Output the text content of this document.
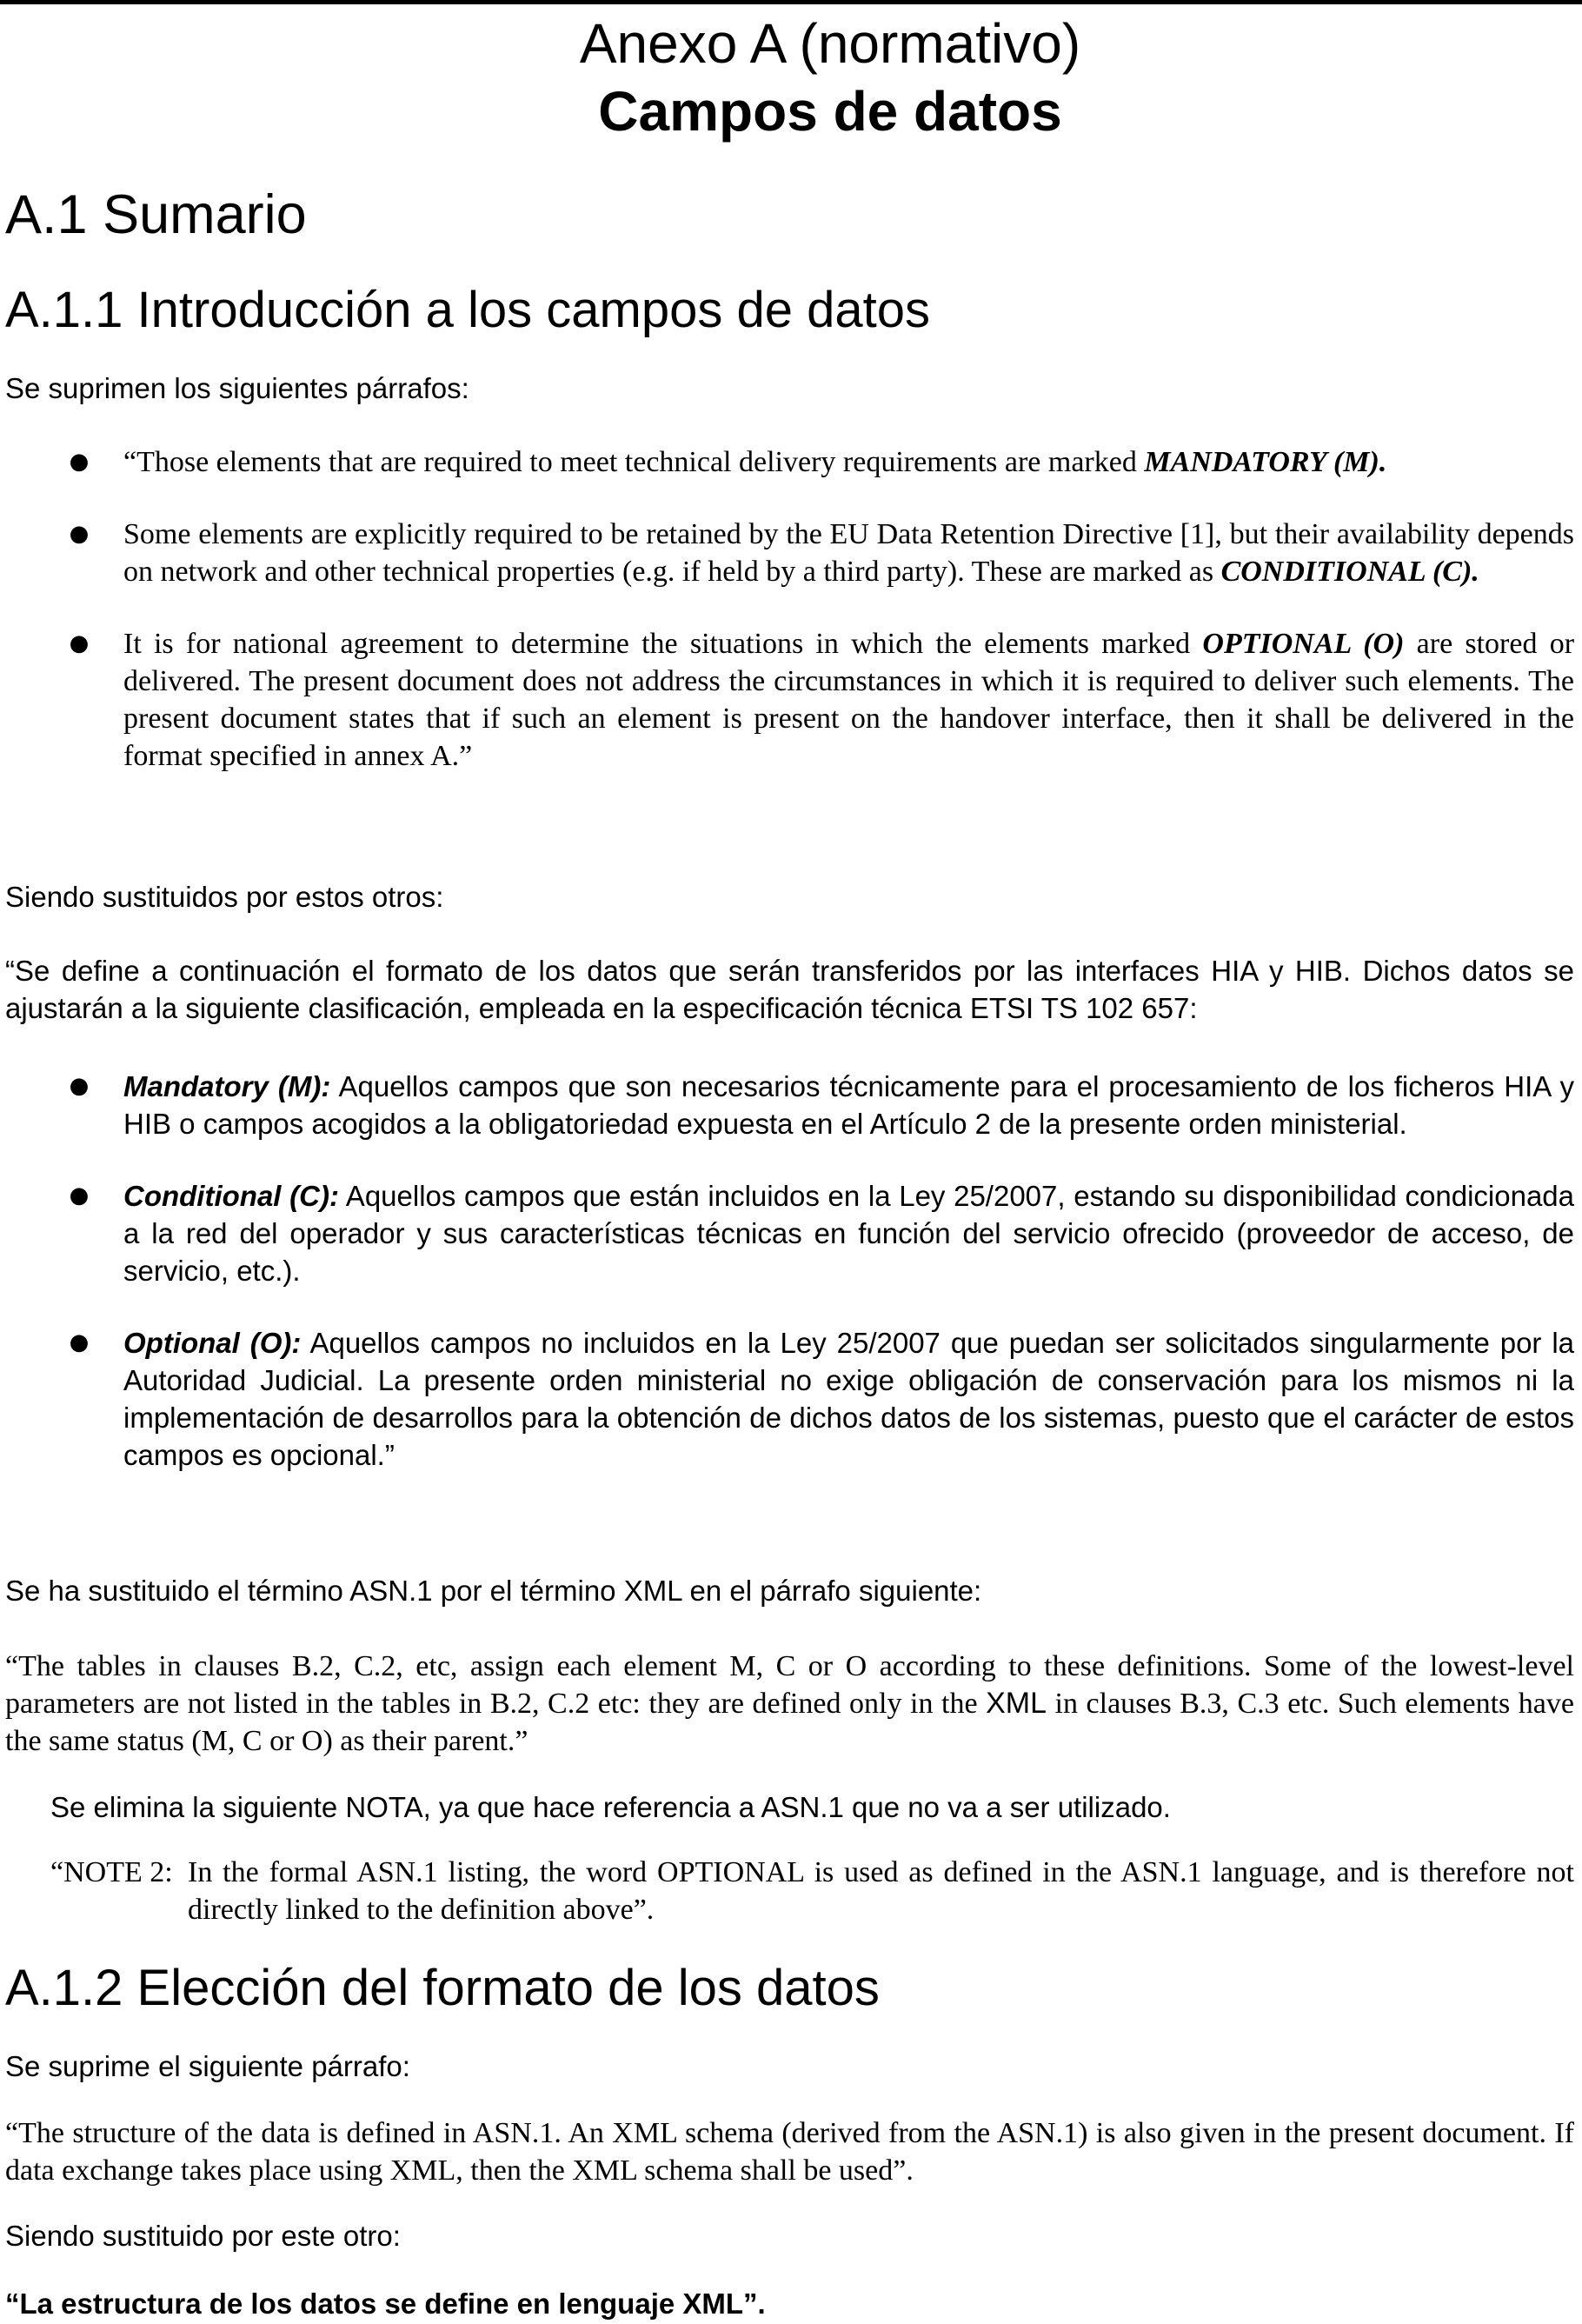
Anexo A (normativo)
Campos de datos
A.1 Sumario
A.1.1 Introducción a los campos de datos
Se suprimen los siguientes párrafos:
● “Those elements that are required to meet technical delivery requirements are marked MANDATORY (M).
● Some elements are explicitly required to be retained by the EU Data Retention Directive [1], but their availability depends on network and other technical properties (e.g. if held by a third party). These are marked as CONDITIONAL (C).
● It is for national agreement to determine the situations in which the elements marked OPTIONAL (O) are stored or delivered. The present document does not address the circumstances in which it is required to deliver such elements. The present document states that if such an element is present on the handover interface, then it shall be delivered in the format specified in annex A.”
Siendo sustituidos por estos otros:
“Se define a continuación el formato de los datos que serán transferidos por las interfaces HIA y HIB. Dichos datos se ajustarán a la siguiente clasificación, empleada en la especificación técnica ETSI TS 102 657:
● Mandatory (M): Aquellos campos que son necesarios técnicamente para el procesamiento de los ficheros HIA y HIB o campos acogidos a la obligatoriedad expuesta en el Artículo 2 de la presente orden ministerial.
● Conditional (C): Aquellos campos que están incluidos en la Ley 25/2007, estando su disponibilidad condicionada a la red del operador y sus características técnicas en función del servicio ofrecido (proveedor de acceso, de servicio, etc.).
● Optional (O): Aquellos campos no incluidos en la Ley 25/2007 que puedan ser solicitados singularmente por la Autoridad Judicial. La presente orden ministerial no exige obligación de conservación para los mismos ni la implementación de desarrollos para la obtención de dichos datos de los sistemas, puesto que el carácter de estos campos es opcional.”
Se ha sustituido el término ASN.1 por el término XML en el párrafo siguiente:
“The tables in clauses B.2, C.2, etc, assign each element M, C or O according to these definitions. Some of the lowest-level parameters are not listed in the tables in B.2, C.2 etc: they are defined only in the XML in clauses B.3, C.3 etc. Such elements have the same status (M, C or O) as their parent.”
Se elimina la siguiente NOTA, ya que hace referencia a ASN.1 que no va a ser utilizado.
“NOTE 2: In the formal ASN.1 listing, the word OPTIONAL is used as defined in the ASN.1 language, and is therefore not directly linked to the definition above”.
A.1.2 Elección del formato de los datos
Se suprime el siguiente párrafo:
“The structure of the data is defined in ASN.1. An XML schema (derived from the ASN.1) is also given in the present document. If data exchange takes place using XML, then the XML schema shall be used”.
Siendo sustituido por este otro:
“La estructura de los datos se define en lenguaje XML”.
